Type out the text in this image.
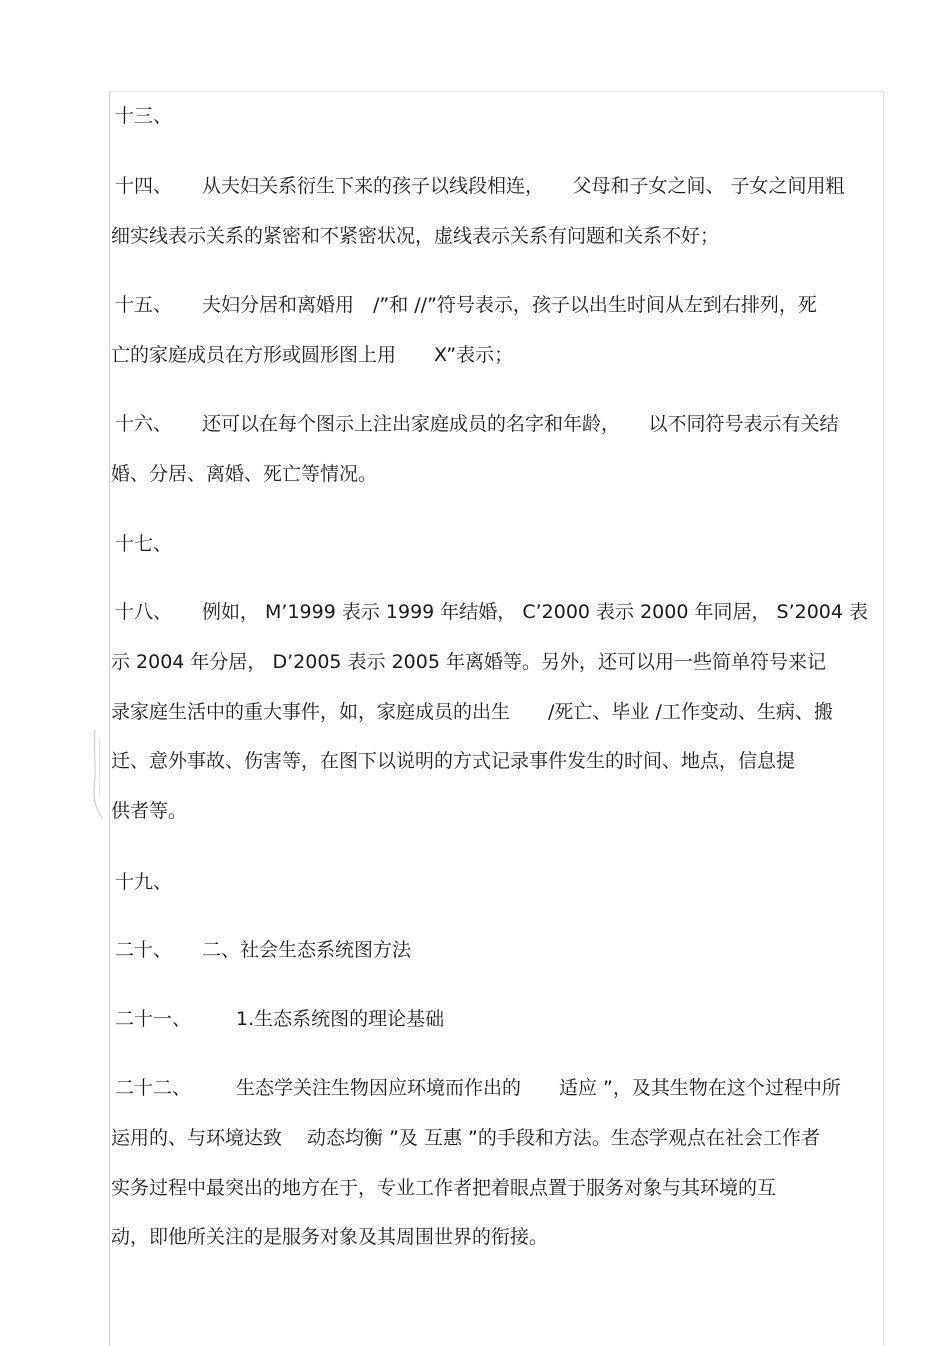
十三、
十四、 从夫妇关系衍生下来的孩子以线段相连，　　父母和子女之间、 子女之间用粗
细实线表示关系的紧密和不紧密状况，虚线表示关系有问题和关系不好；
十五、 夫妇分居和离婚用　/”和 //”符号表示，孩子以出生时间从左到右排列，死
亡的家庭成员在方形或圆形图上用　　X”表示；
十六、 还可以在每个图示上注出家庭成员的名字和年龄，　　以不同符号表示有关结
婚、分居、离婚、死亡等情况。
十七、
十八、 例如， M’1999 表示 1999 年结婚， C’2000 表示 2000 年同居， S’2004 表
示 2004 年分居， D’2005 表示 2005 年离婚等。另外，还可以用一些简单符号来记
录家庭生活中的重大事件，如，家庭成员的出生　　/死亡、毕业 /工作变动、生病、搬
迁、意外事故、伤害等，在图下以说明的方式记录事件发生的时间、地点，信息提
供者等。
十九、
二十、 二、社会生态系统图方法
二十一、 1.生态系统图的理论基础
二十二、 生态学关注生物因应环境而作出的　　适应 ”，及其生物在这个过程中所
运用的、与环境达致　 动态均衡 ”及 互惠 ”的手段和方法。生态学观点在社会工作者
实务过程中最突出的地方在于，专业工作者把着眼点置于服务对象与其环境的互
动，即他所关注的是服务对象及其周围世界的衔接。
